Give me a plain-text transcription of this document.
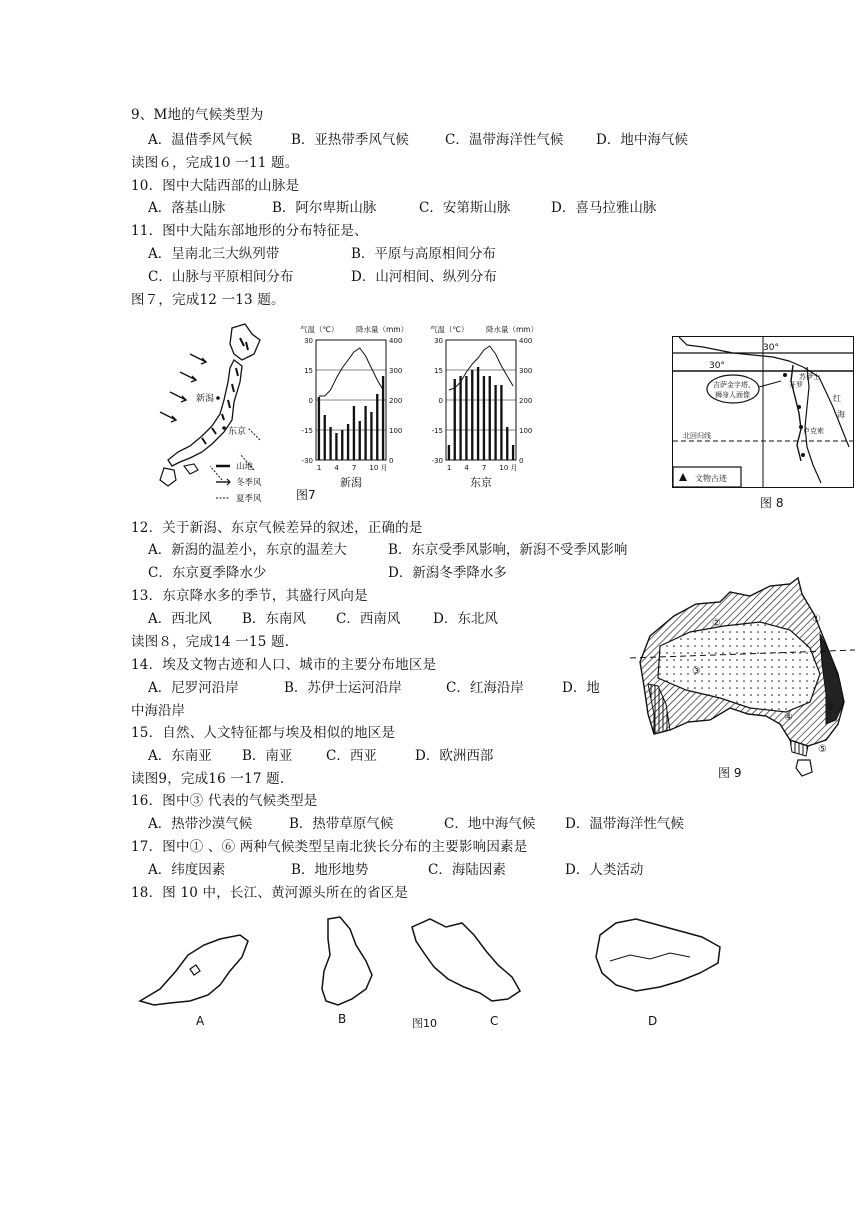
9、M地的气候类型为
A．温借季风气候	B．亚热带季风气候	C．温带海洋性气候 D．地中海气候
读图６，完成10 一11 题。
10．图中大陆西部的山脉是
A．落基山脉	B．阿尔卑斯山脉	C．安第斯山脉	D．喜马拉雅山脉
11．图中大陆东部地形的分布特征是、
A．呈南北三大纵列带	B．平原与高原相间分布
C．山脉与平原相间分布	D．山河相间、纵列分布
图７，完成12 一13 题。
新潟
东京
山地
冬季风
夏季风
30
15
0
-15
-30
400
300
200
100
0
气温（℃） 降水量（mm）
1 4 7 10 月
新潟
30
15
0
-15
-30
400
300
200
100
0
气温（℃） 降水量（mm）
1 4 7 10 月
东京
图7
30°
30°
吉萨金字塔、
狮身人面像
苏伊士
开罗
红
海
卢克索
北回归线
文物古迹
图 8
12．关于新潟、东京气候差异的叙述，正确的是
A．新潟的温差小，东京的温差大	B．东京受季风影响，新潟不受季风影响
C．东京夏季降水少	D．新潟冬季降水多
13．东京降水多的季节，其盛行风向是
A．西北风 B．东南风 C．西南风 D．东北风
读图８，完成14 一15 题.
14．埃及文物古迹和人口、城市的主要分布地区是
A．尼罗河沿岸	B．苏伊士运河沿岸	C．红海沿岸	D．地
中海沿岸
15．自然、人文特征都与埃及相似的地区是
A．东南亚 B．南亚 C．西亚	D．欧洲西部
读图9，完成16 一17 题.
①
②
③
④
⑤
⑥
图 9
16．图中③ 代表的气候类型是
A．热带沙漠气候	B．热带草原气候	C．地中海气候 D．温带海洋性气候
17．图中① 、⑥ 两种气候类型呈南北狭长分布的主要影响因素是
A．纬度因素	B．地形地势	C．海陆因素	D．人类活动
18．图 10 中，长江、黄河源头所在的省区是
A	B	图10	C	D
